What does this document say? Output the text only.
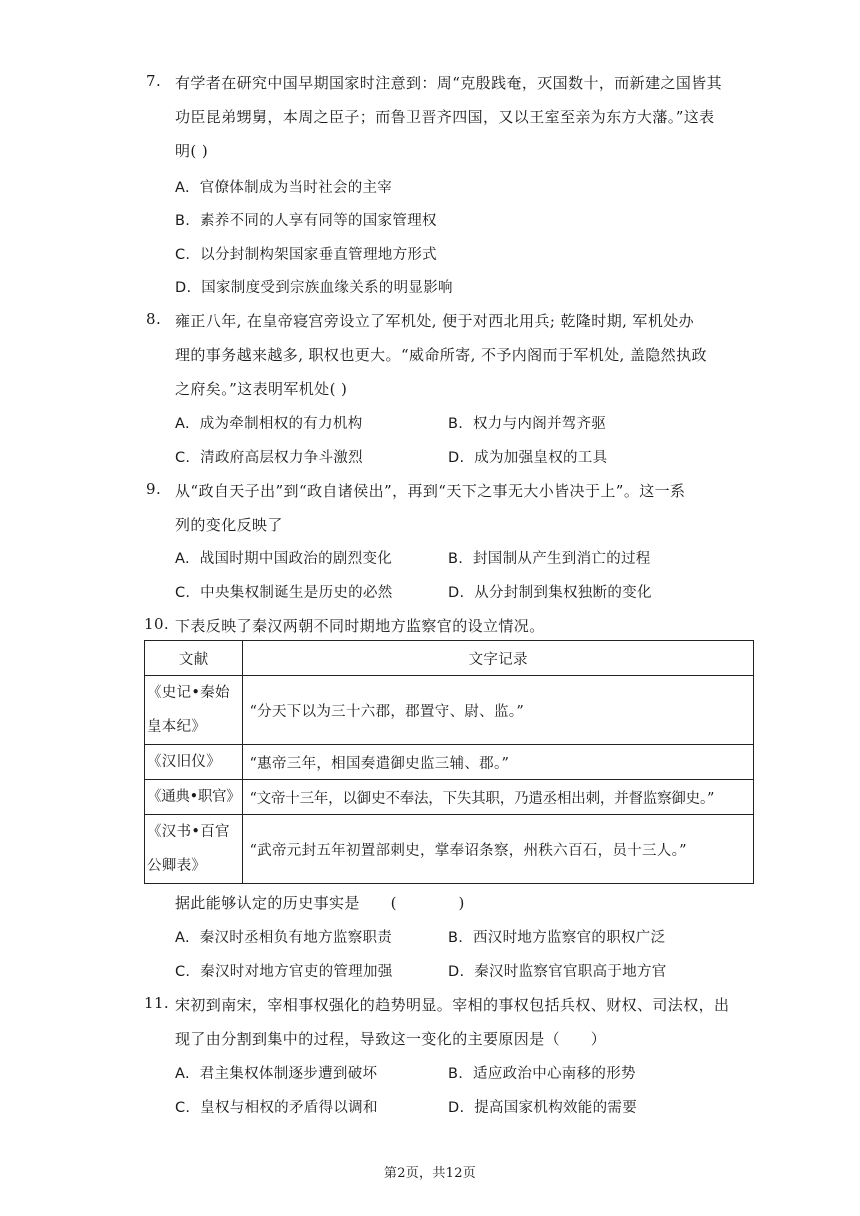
7. 有学者在研究中国早期国家时注意到：周“克殷践奄，灭国数十，而新建之国皆其
功臣昆弟甥舅，本周之臣子；而鲁卫晋齐四国，又以王室至亲为东方大藩。”这表
明( )
A. 官僚体制成为当时社会的主宰
B. 素养不同的人享有同等的国家管理权
C. 以分封制构架国家垂直管理地方形式
D. 国家制度受到宗族血缘关系的明显影响
8. 雍正八年, 在皇帝寝宫旁设立了军机处, 便于对西北用兵; 乾隆时期, 军机处办
理的事务越来越多, 职权也更大。“威命所寄, 不予内阁而于军机处, 盖隐然执政
之府矣。”这表明军机处( )
A. 成为牵制相权的有力机构	B. 权力与内阁并驾齐驱
C. 清政府高层权力争斗激烈	D. 成为加强皇权的工具
9. 从“政自天子出”到“政自诸侯出”，再到“天下之事无大小皆决于上”。这一系
列的变化反映了
A. 战国时期中国政治的剧烈变化	B. 封国制从产生到消亡的过程
C. 中央集权制诞生是历史的必然	D. 从分封制到集权独断的变化
10. 下表反映了秦汉两朝不同时期地方监察官的设立情况。
文献	文字记录
《史记•秦始
皇本纪》	“分天下以为三十六郡，郡置守、尉、监。”
《汉旧仪》	“惠帝三年，相国奏遣御史监三辅、郡。”
《通典•职官》	“文帝十三年，以御史不奉法，下失其职，乃遣丞相出刺，并督监察御史。”
《汉书•百官
公卿表》	“武帝元封五年初置部刺史，掌奉诏条察，州秩六百石，员十三人。”
据此能够认定的历史事实是　　(　　　　)
A. 秦汉时丞相负有地方监察职责	B. 西汉时地方监察官的职权广泛
C. 秦汉时对地方官吏的管理加强	D. 秦汉时监察官官职高于地方官
11. 宋初到南宋，宰相事权强化的趋势明显。宰相的事权包括兵权、财权、司法权，出
现了由分割到集中的过程，导致这一变化的主要原因是（　　）
A. 君主集权体制逐步遭到破坏	B. 适应政治中心南移的形势
C. 皇权与相权的矛盾得以调和	D. 提高国家机构效能的需要
第2页，共12页
